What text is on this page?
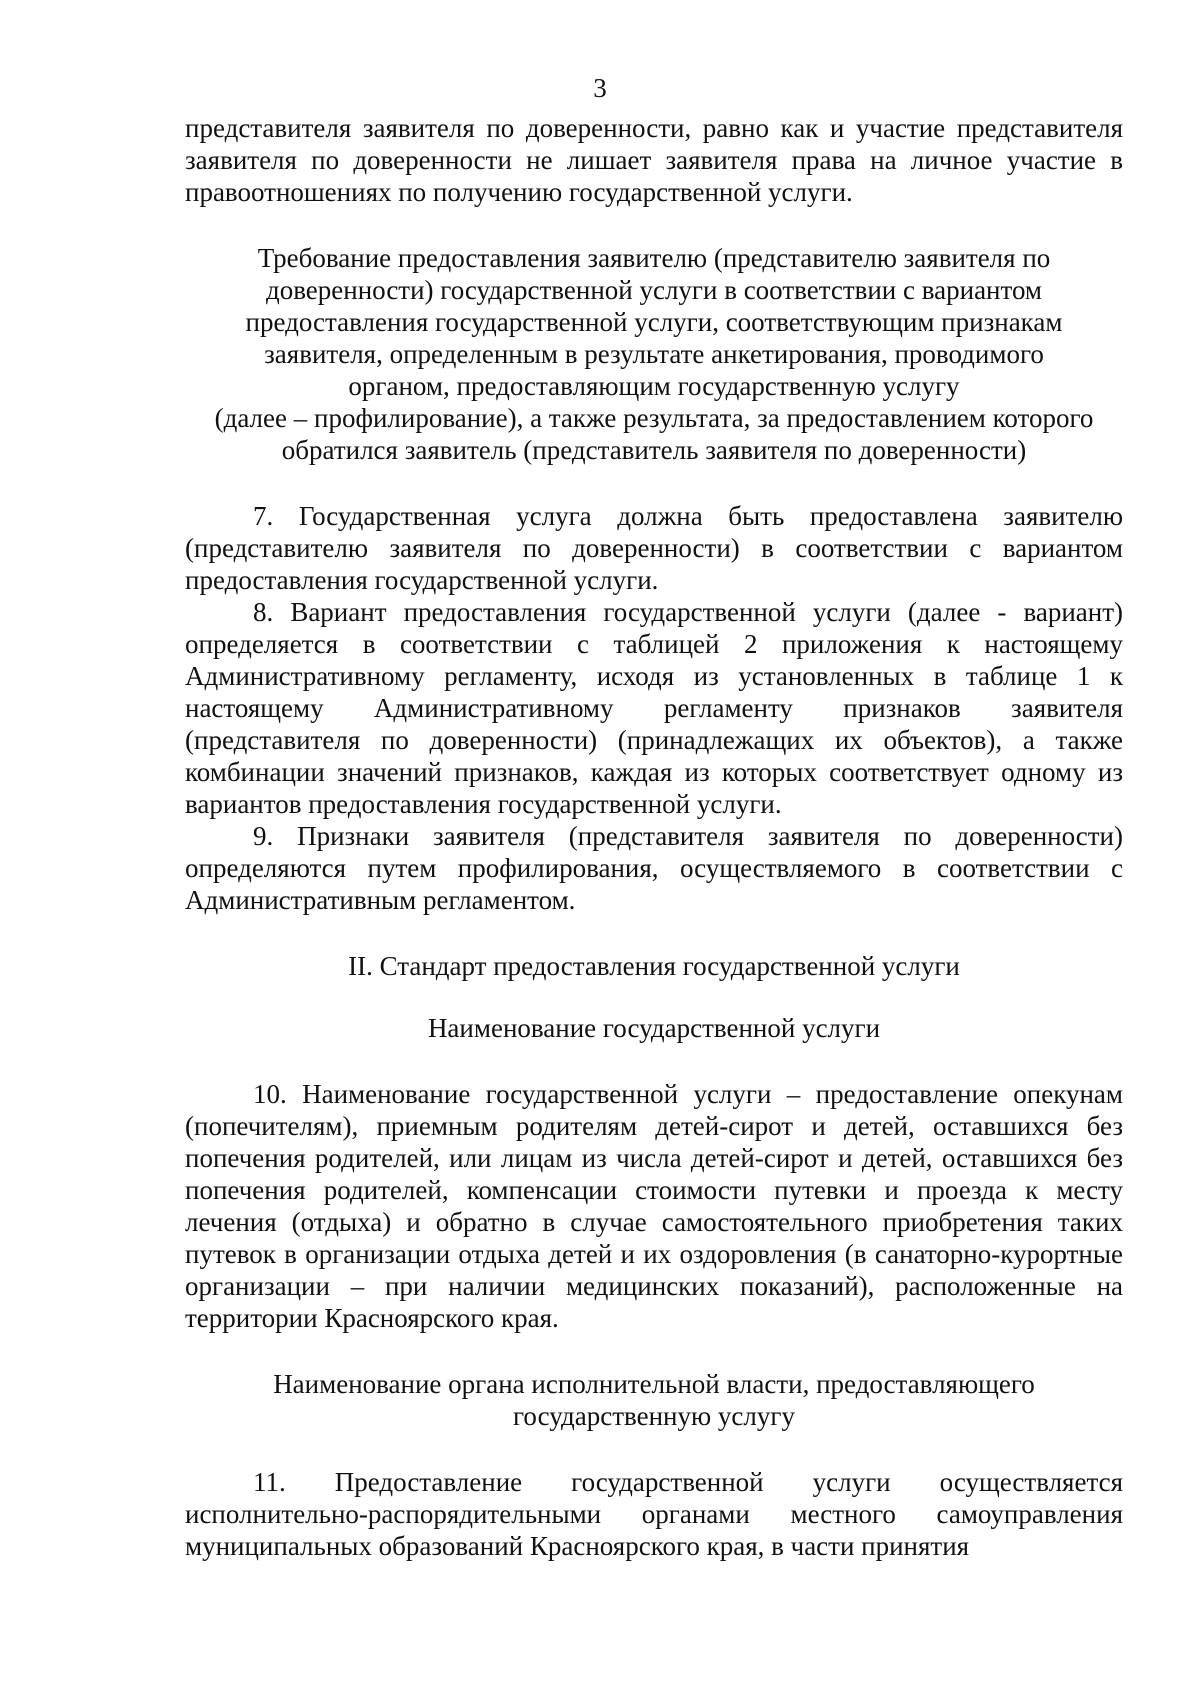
3

представителя заявителя по доверенности, равно как и участие представителя заявителя по доверенности не лишает заявителя права на личное участие в правоотношениях по получению государственной услуги.

Требование предоставления заявителю (представителю заявителя по
доверенности) государственной услуги в соответствии с вариантом
предоставления государственной услуги, соответствующим признакам
заявителя, определенным в результате анкетирования, проводимого
органом, предоставляющим государственную услугу
(далее – профилирование), а также результата, за предоставлением которого
обратился заявитель (представитель заявителя по доверенности)

7. Государственная услуга должна быть предоставлена заявителю (представителю заявителя по доверенности) в соответствии с вариантом предоставления государственной услуги.

8. Вариант предоставления государственной услуги (далее - вариант) определяется в соответствии с таблицей 2 приложения к настоящему Административному регламенту, исходя из установленных в таблице 1 к настоящему Административному регламенту признаков заявителя (представителя по доверенности) (принадлежащих их объектов), а также комбинации значений признаков, каждая из которых соответствует одному из вариантов предоставления государственной услуги.

9. Признаки заявителя (представителя заявителя по доверенности) определяются путем профилирования, осуществляемого в соответствии с Административным регламентом.

II. Стандарт предоставления государственной услуги

Наименование государственной услуги

10. Наименование государственной услуги – предоставление опекунам (попечителям), приемным родителям детей-сирот и детей, оставшихся без попечения родителей, или лицам из числа детей-сирот и детей, оставшихся без попечения родителей, компенсации стоимости путевки и проезда к месту лечения (отдыха) и обратно в случае самостоятельного приобретения таких путевок в организации отдыха детей и их оздоровления (в санаторно-курортные организации – при наличии медицинских показаний), расположенные на территории Красноярского края.

Наименование органа исполнительной власти, предоставляющего
государственную услугу

11. Предоставление государственной услуги осуществляется исполнительно-распорядительными органами местного самоуправления муниципальных образований Красноярского края, в части принятия
